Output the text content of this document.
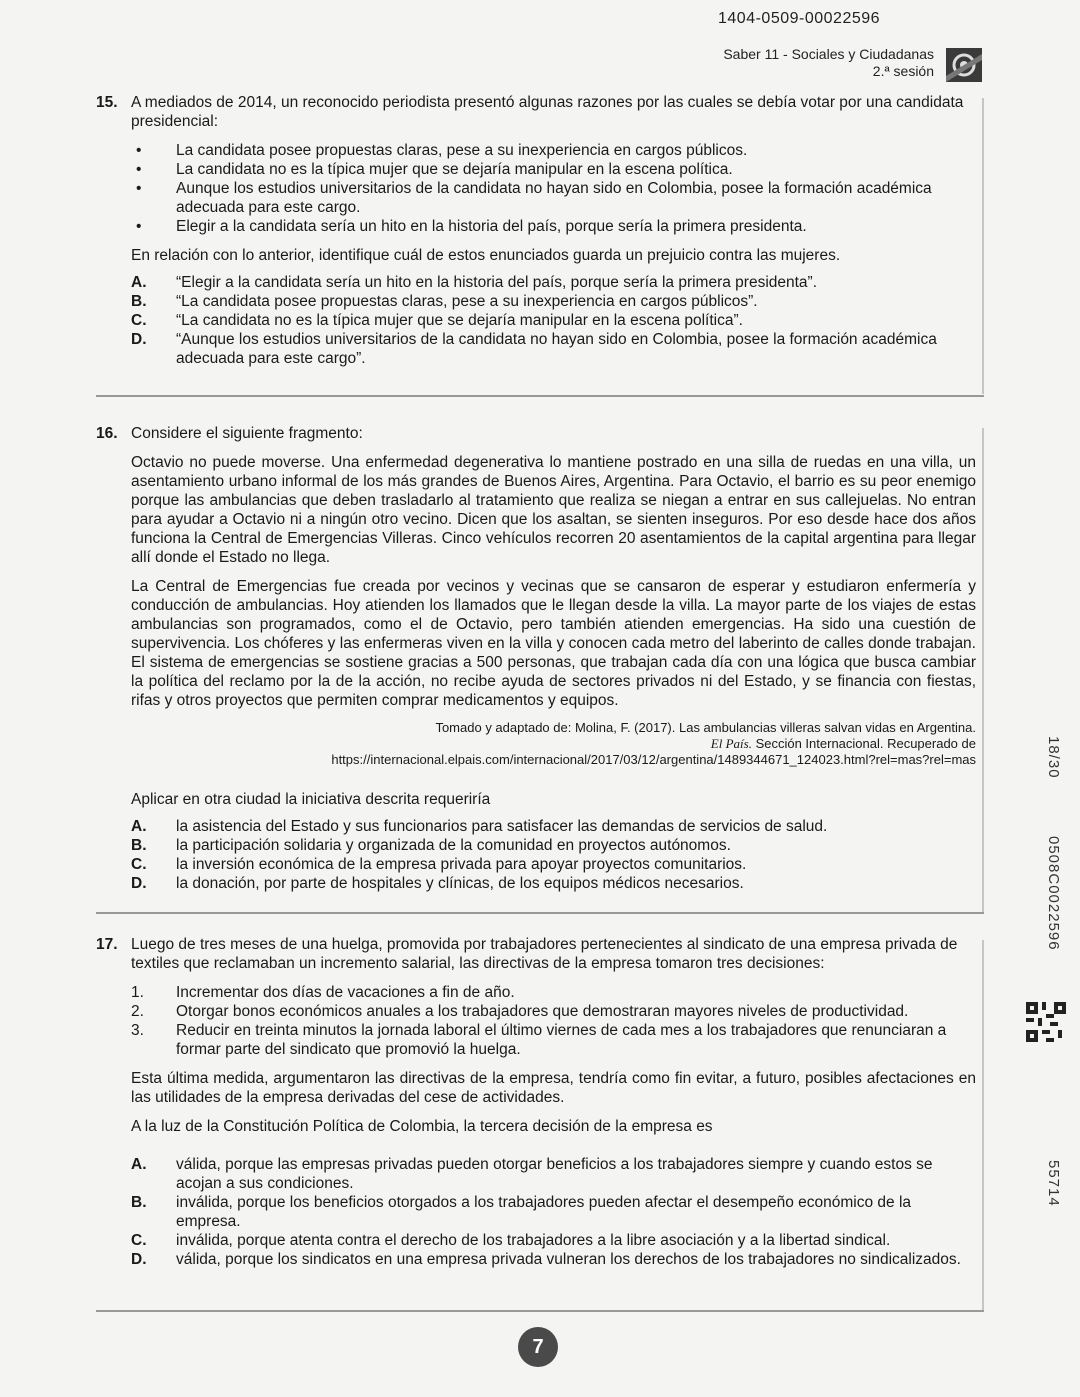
1404-0509-00022596
Saber 11 - Sociales y Ciudadanas
2.ª sesión
15. A mediados de 2014, un reconocido periodista presentó algunas razones por las cuales se debía votar por una candidata presidencial:
• La candidata posee propuestas claras, pese a su inexperiencia en cargos públicos.
• La candidata no es la típica mujer que se dejaría manipular en la escena política.
• Aunque los estudios universitarios de la candidata no hayan sido en Colombia, posee la formación académica adecuada para este cargo.
• Elegir a la candidata sería un hito en la historia del país, porque sería la primera presidenta.
En relación con lo anterior, identifique cuál de estos enunciados guarda un prejuicio contra las mujeres.
A.	“Elegir a la candidata sería un hito en la historia del país, porque sería la primera presidenta”.
B.	“La candidata posee propuestas claras, pese a su inexperiencia en cargos públicos”.
C.	“La candidata no es la típica mujer que se dejaría manipular en la escena política”.
D.	“Aunque los estudios universitarios de la candidata no hayan sido en Colombia, posee la formación académica adecuada para este cargo”.
16. Considere el siguiente fragmento:
Octavio no puede moverse. Una enfermedad degenerativa lo mantiene postrado en una silla de ruedas en una villa, un asentamiento urbano informal de los más grandes de Buenos Aires, Argentina. Para Octavio, el barrio es su peor enemigo porque las ambulancias que deben trasladarlo al tratamiento que realiza se niegan a entrar en sus callejuelas. No entran para ayudar a Octavio ni a ningún otro vecino. Dicen que los asaltan, se sienten inseguros. Por eso desde hace dos años funciona la Central de Emergencias Villeras. Cinco vehículos recorren 20 asentamientos de la capital argentina para llegar allí donde el Estado no llega.
La Central de Emergencias fue creada por vecinos y vecinas que se cansaron de esperar y estudiaron enfermería y conducción de ambulancias. Hoy atienden los llamados que le llegan desde la villa. La mayor parte de los viajes de estas ambulancias son programados, como el de Octavio, pero también atienden emergencias. Ha sido una cuestión de supervivencia. Los chóferes y las enfermeras viven en la villa y conocen cada metro del laberinto de calles donde trabajan. El sistema de emergencias se sostiene gracias a 500 personas, que trabajan cada día con una lógica que busca cambiar la política del reclamo por la de la acción, no recibe ayuda de sectores privados ni del Estado, y se financia con fiestas, rifas y otros proyectos que permiten comprar medicamentos y equipos.
Tomado y adaptado de: Molina, F. (2017). Las ambulancias villeras salvan vidas en Argentina.
El País. Sección Internacional. Recuperado de
https://internacional.elpais.com/internacional/2017/03/12/argentina/1489344671_124023.html?rel=mas?rel=mas
Aplicar en otra ciudad la iniciativa descrita requeriría
A.	la asistencia del Estado y sus funcionarios para satisfacer las demandas de servicios de salud.
B.	la participación solidaria y organizada de la comunidad en proyectos autónomos.
C.	la inversión económica de la empresa privada para apoyar proyectos comunitarios.
D.	la donación, por parte de hospitales y clínicas, de los equipos médicos necesarios.
17. Luego de tres meses de una huelga, promovida por trabajadores pertenecientes al sindicato de una empresa privada de textiles que reclamaban un incremento salarial, las directivas de la empresa tomaron tres decisiones:
1.	Incrementar dos días de vacaciones a fin de año.
2.	Otorgar bonos económicos anuales a los trabajadores que demostraran mayores niveles de productividad.
3.	Reducir en treinta minutos la jornada laboral el último viernes de cada mes a los trabajadores que renunciaran a formar parte del sindicato que promovió la huelga.
Esta última medida, argumentaron las directivas de la empresa, tendría como fin evitar, a futuro, posibles afectaciones en las utilidades de la empresa derivadas del cese de actividades.
A la luz de la Constitución Política de Colombia, la tercera decisión de la empresa es
A.	válida, porque las empresas privadas pueden otorgar beneficios a los trabajadores siempre y cuando estos se acojan a sus condiciones.
B.	inválida, porque los beneficios otorgados a los trabajadores pueden afectar el desempeño económico de la empresa.
C.	inválida, porque atenta contra el derecho de los trabajadores a la libre asociación y a la libertad sindical.
D.	válida, porque los sindicatos en una empresa privada vulneran los derechos de los trabajadores no sindicalizados.
18/30
0508C0022596
55714
7
